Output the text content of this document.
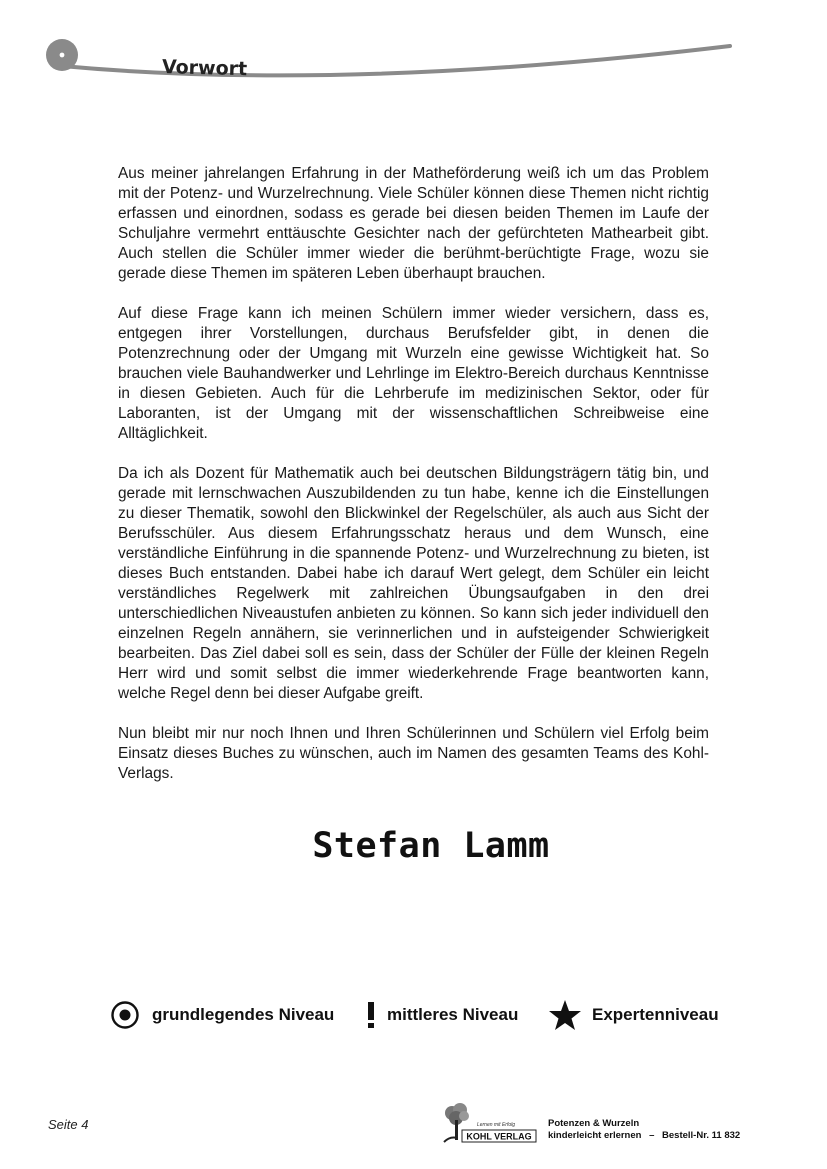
Vorwort

Aus meiner jahrelangen Erfahrung in der Matheförderung weiß ich um das Problem mit der Potenz- und Wurzelrechnung. Viele Schüler können diese Themen nicht richtig erfassen und einordnen, sodass es gerade bei diesen beiden Themen im Laufe der Schuljahre vermehrt enttäuschte Gesichter nach der gefürchteten Mathearbeit gibt. Auch stellen die Schüler immer wieder die berühmt-berüchtigte Frage, wozu sie gerade diese Themen im späteren Leben überhaupt brauchen.

Auf diese Frage kann ich meinen Schülern immer wieder versichern, dass es, entgegen ihrer Vorstellungen, durchaus Berufsfelder gibt, in denen die Potenzrechnung oder der Umgang mit Wurzeln eine gewisse Wichtigkeit hat. So brauchen viele Bauhandwerker und Lehrlinge im Elektro-Bereich durchaus Kenntnisse in diesen Gebieten. Auch für die Lehrberufe im medizinischen Sektor, oder für Laboranten, ist der Umgang mit der wissenschaftlichen Schreibweise eine Alltäglichkeit.

Da ich als Dozent für Mathematik auch bei deutschen Bildungsträgern tätig bin, und gerade mit lernschwachen Auszubildenden zu tun habe, kenne ich die Einstellungen zu dieser Thematik, sowohl den Blickwinkel der Regelschüler, als auch aus Sicht der Berufsschüler. Aus diesem Erfahrungsschatz heraus und dem Wunsch, eine verständliche Einführung in die spannende Potenz- und Wurzelrechnung zu bieten, ist dieses Buch entstanden. Dabei habe ich darauf Wert gelegt, dem Schüler ein leicht verständliches Regelwerk mit zahlreichen Übungsaufgaben in den drei unterschiedlichen Niveaustufen anbieten zu können. So kann sich jeder individuell den einzelnen Regeln annähern, sie verinnerlichen und in aufsteigender Schwierigkeit bearbeiten. Das Ziel dabei soll es sein, dass der Schüler der Fülle der kleinen Regeln Herr wird und somit selbst die immer wiederkehrende Frage beantworten kann, welche Regel denn bei dieser Aufgabe greift.

Nun bleibt mir nur noch Ihnen und Ihren Schülerinnen und Schülern viel Erfolg beim Einsatz dieses Buches zu wünschen, auch im Namen des gesamten Teams des Kohl-Verlags.

Stefan Lamm
grundlegendes Niveau	mittleres Niveau	Expertenniveau
Seite 4	Lernen mit Erfolg
KOHL VERLAG
Potenzen & Wurzeln
kinderleicht erlernen – Bestell-Nr. 11 832
